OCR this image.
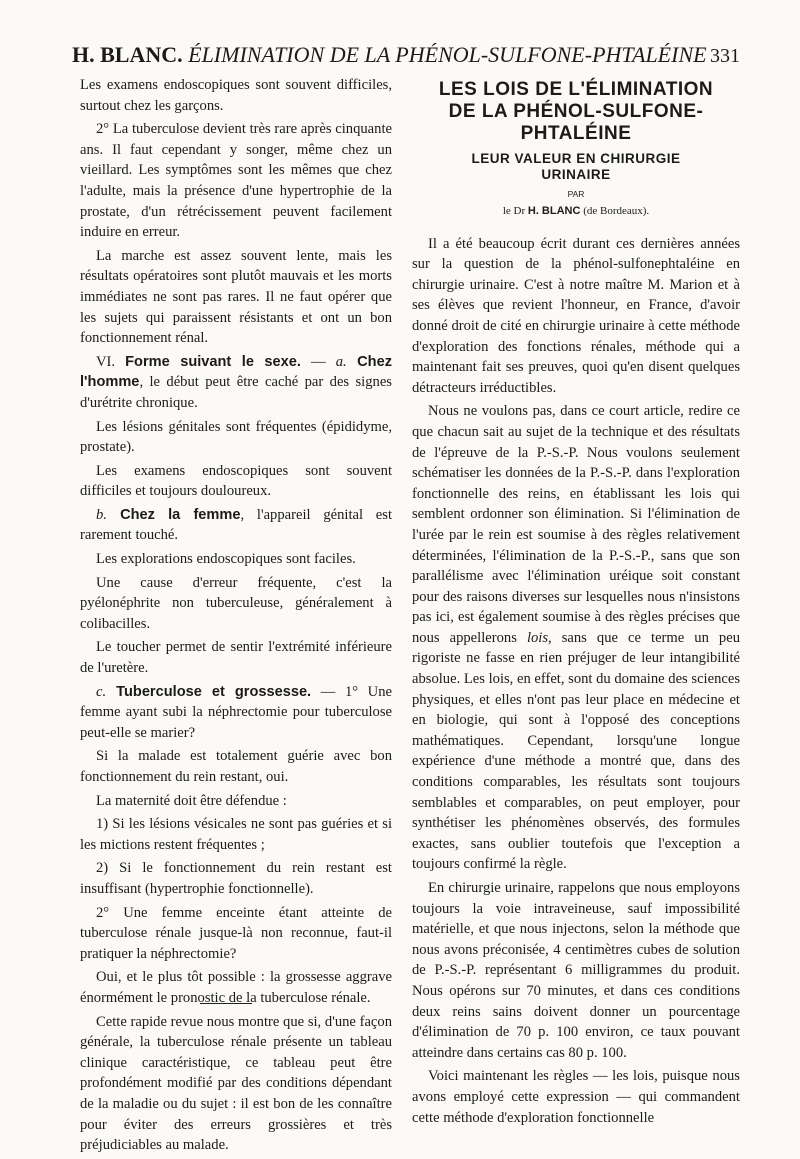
H. BLANC. ÉLIMINATION DE LA PHÉNOL-SULFONE-PHTALÉINE 331

Les examens endoscopiques sont souvent difficiles, surtout chez les garçons.

2° La tuberculose devient très rare après cinquante ans. Il faut cependant y songer, même chez un vieillard. Les symptômes sont les mêmes que chez l'adulte, mais la présence d'une hypertrophie de la prostate, d'un rétrécissement peuvent facilement induire en erreur.

La marche est assez souvent lente, mais les résultats opératoires sont plutôt mauvais et les morts immédiates ne sont pas rares. Il ne faut opérer que les sujets qui paraissent résistants et ont un bon fonctionnement rénal.

VI. Forme suivant le sexe. — a. Chez l'homme, le début peut être caché par des signes d'urétrite chronique.

Les lésions génitales sont fréquentes (épididyme, prostate).

Les examens endoscopiques sont souvent difficiles et toujours douloureux.

b. Chez la femme, l'appareil génital est rarement touché.

Les explorations endoscopiques sont faciles.

Une cause d'erreur fréquente, c'est la pyélonéphrite non tuberculeuse, généralement à colibacilles.

Le toucher permet de sentir l'extrémité inférieure de l'uretère.

c. Tuberculose et grossesse. — 1° Une femme ayant subi la néphrectomie pour tuberculose peut-elle se marier?

Si la malade est totalement guérie avec bon fonctionnement du rein restant, oui.

La maternité doit être défendue :

1) Si les lésions vésicales ne sont pas guéries et si les mictions restent fréquentes ;

2) Si le fonctionnement du rein restant est insuffisant (hypertrophie fonctionnelle).

2° Une femme enceinte étant atteinte de tuberculose rénale jusque-là non reconnue, faut-il pratiquer la néphrectomie?

Oui, et le plus tôt possible : la grossesse aggrave énormément le pronostic de la tuberculose rénale.

Cette rapide revue nous montre que si, d'une façon générale, la tuberculose rénale présente un tableau clinique caractéristique, ce tableau peut être profondément modifié par des conditions dépendant de la maladie ou du sujet : il est bon de les connaître pour éviter des erreurs grossières et très préjudiciables au malade.

LES LOIS DE L'ÉLIMINATION
DE LA PHÉNOL-SULFONE-
PHTALÉINE
LEUR VALEUR EN CHIRURGIE
URINAIRE
PAR
le Dr H. BLANC (de Bordeaux).

Il a été beaucoup écrit durant ces dernières années sur la question de la phénol-sulfonephtaléine en chirurgie urinaire. C'est à notre maître M. Marion et à ses élèves que revient l'honneur, en France, d'avoir donné droit de cité en chirurgie urinaire à cette méthode d'exploration des fonctions rénales, méthode qui a maintenant fait ses preuves, quoi qu'en disent quelques détracteurs irréductibles.

Nous ne voulons pas, dans ce court article, redire ce que chacun sait au sujet de la technique et des résultats de l'épreuve de la P.-S.-P. Nous voulons seulement schématiser les données de la P.-S.-P. dans l'exploration fonctionnelle des reins, en établissant les lois qui semblent ordonner son élimination. Si l'élimination de l'urée par le rein est soumise à des règles relativement déterminées, l'élimination de la P.-S.-P., sans que son parallélisme avec l'élimination uréique soit constant pour des raisons diverses sur lesquelles nous n'insistons pas ici, est également soumise à des règles précises que nous appellerons lois, sans que ce terme un peu rigoriste ne fasse en rien préjuger de leur intangibilité absolue. Les lois, en effet, sont du domaine des sciences physiques, et elles n'ont pas leur place en médecine et en biologie, qui sont à l'opposé des conceptions mathématiques. Cependant, lorsqu'une longue expérience d'une méthode a montré que, dans des conditions comparables, les résultats sont toujours semblables et comparables, on peut employer, pour synthétiser les phénomènes observés, des formules exactes, sans oublier toutefois que l'exception a toujours confirmé la règle.

En chirurgie urinaire, rappelons que nous employons toujours la voie intraveineuse, sauf impossibilité matérielle, et que nous injectons, selon la méthode que nous avons préconisée, 4 centimètres cubes de solution de P.-S.-P. représentant 6 milligrammes du produit. Nous opérons sur 70 minutes, et dans ces conditions deux reins sains doivent donner un pourcentage d'élimination de 70 p. 100 environ, ce taux pouvant atteindre dans certains cas 80 p. 100.

Voici maintenant les règles — les lois, puisque nous avons employé cette expression — qui commandent cette méthode d'exploration fonctionnelle
